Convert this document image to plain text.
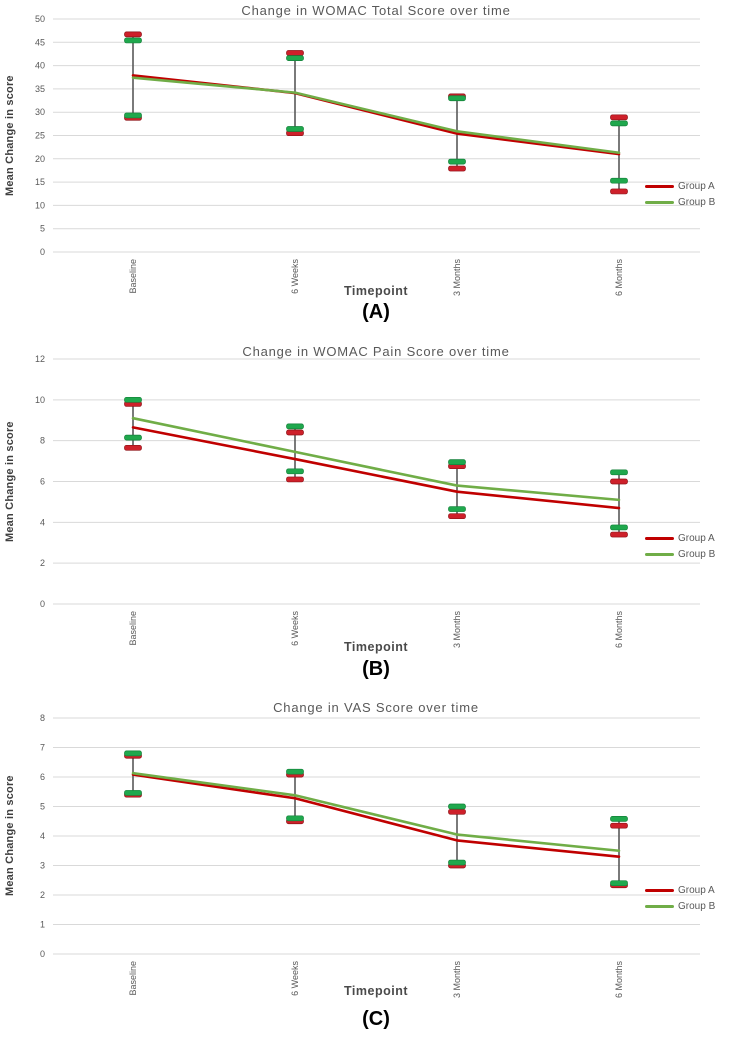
Change in WOMAC Total Score over time
Mean Change in score
50
45
40
35
30
25
20
15
10
5
0
Baseline	6 Weeks	3 Months	6 Months
Group A
Group B
Timepoint
(A)
Change in WOMAC Pain Score over time
Mean Change in score
12
10
8
6
4
2
0
Baseline	6 Weeks	3 Months	6 Months
Group A
Group B
Timepoint
(B)
Change in VAS Score over time
Mean Change in score
8
7
6
5
4
3
2
1
0
Baseline	6 Weeks	3 Months	6 Months
Group A
Group B
Timepoint
(C)
